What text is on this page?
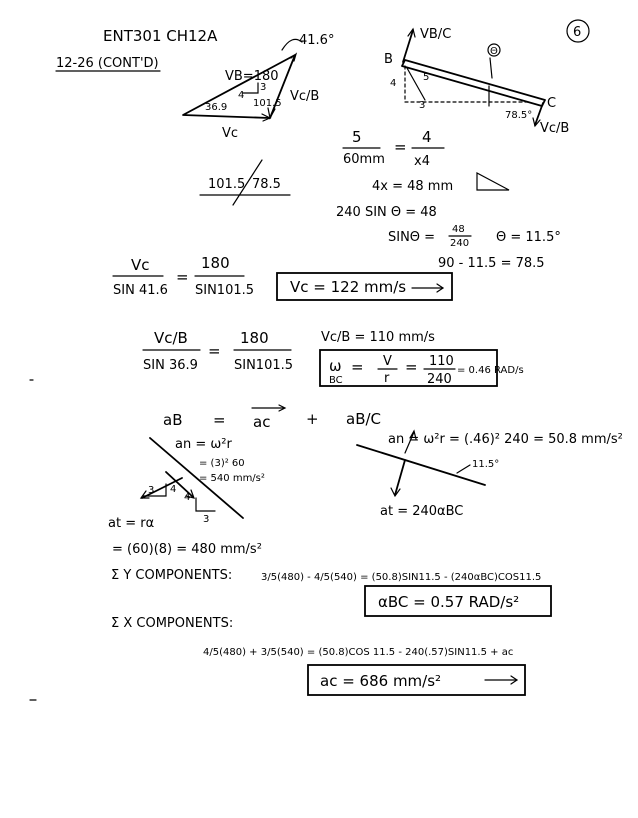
ENT301 CH12A	6
12-26 (CONT'D)
VB=180
41.6°
3
4
36.9	101.5 Vc/B
Vc
VB/C
B
Θ
4
5
3	C
78.5°
Vc/B
5
60mm
=
4
x4
4x = 48 mm
101.5 78.5
240 SIN Θ = 48
SINΘ =
48
240 Θ = 11.5°
90 - 11.5 = 78.5
Vc
SIN 41.6
=
180
SIN101.5 Vc = 122 mm/s
Vc/B
SIN 36.9
=
180
SIN101.5
Vc/B = 110 mm/s
ω
BC
= V
r
= 110
240
= 0.46 RAD/s
aB = ac + aB/C
an = ω²r
= (3)² 60
= 540 mm/s²
3 4
4
3
an = ω²r = (.46)² 240 = 50.8 mm/s²
11.5°
at = 240αBC
at = rα
= (60)(8) = 480 mm/s²
Σ Y COMPONENTS:	3/5(480) - 4/5(540) = (50.8)SIN11.5 - (240αBC)COS11.5
αBC = 0.57 RAD/s²
Σ X COMPONENTS:
4/5(480) + 3/5(540) = (50.8)COS 11.5 - 240(.57)SIN11.5 + ac
ac = 686 mm/s²
